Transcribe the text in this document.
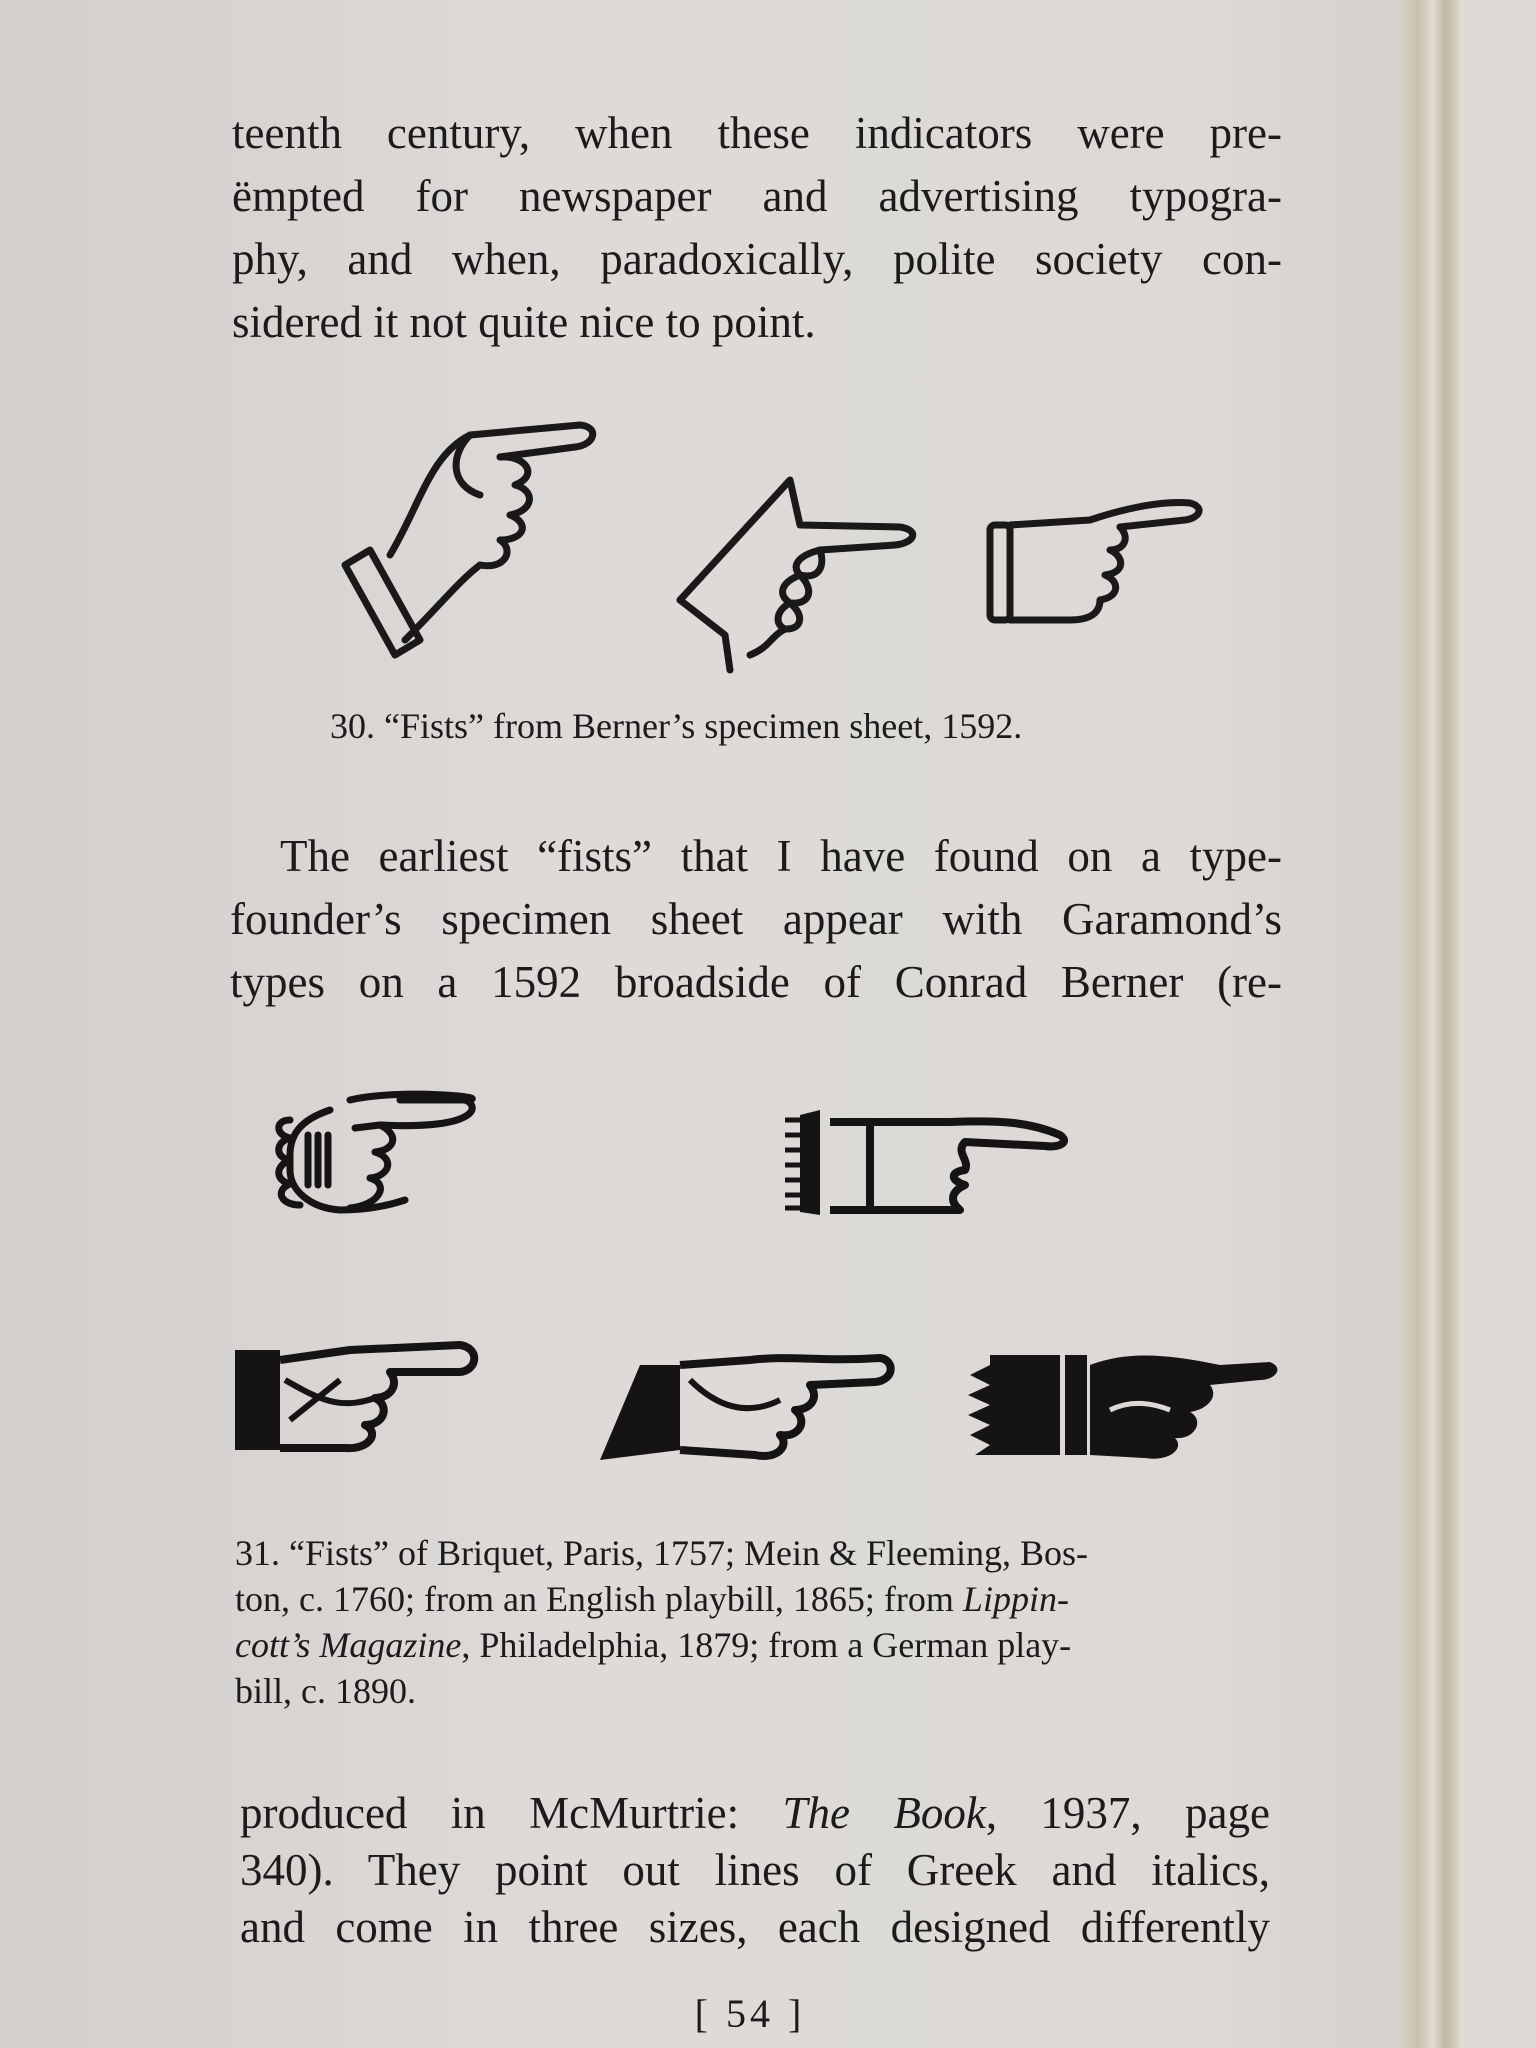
teenth century, when these indicators were pre-
ëmpted for newspaper and advertising typogra-
phy, and when, paradoxically, polite society con-
sidered it not quite nice to point.

30. “Fists” from Berner’s specimen sheet, 1592.

The earliest “fists” that I have found on a type-
founder’s specimen sheet appear with Garamond’s
types on a 1592 broadside of Conrad Berner (re-
31. “Fists” of Briquet, Paris, 1757; Mein & Fleeming, Bos-
ton, c. 1760; from an English playbill, 1865; from Lippin-
cott’s Magazine, Philadelphia, 1879; from a German play-
bill, c. 1890.
produced in McMurtrie: The Book, 1937, page
340). They point out lines of Greek and italics,
and come in three sizes, each designed differently
[ 54 ]
